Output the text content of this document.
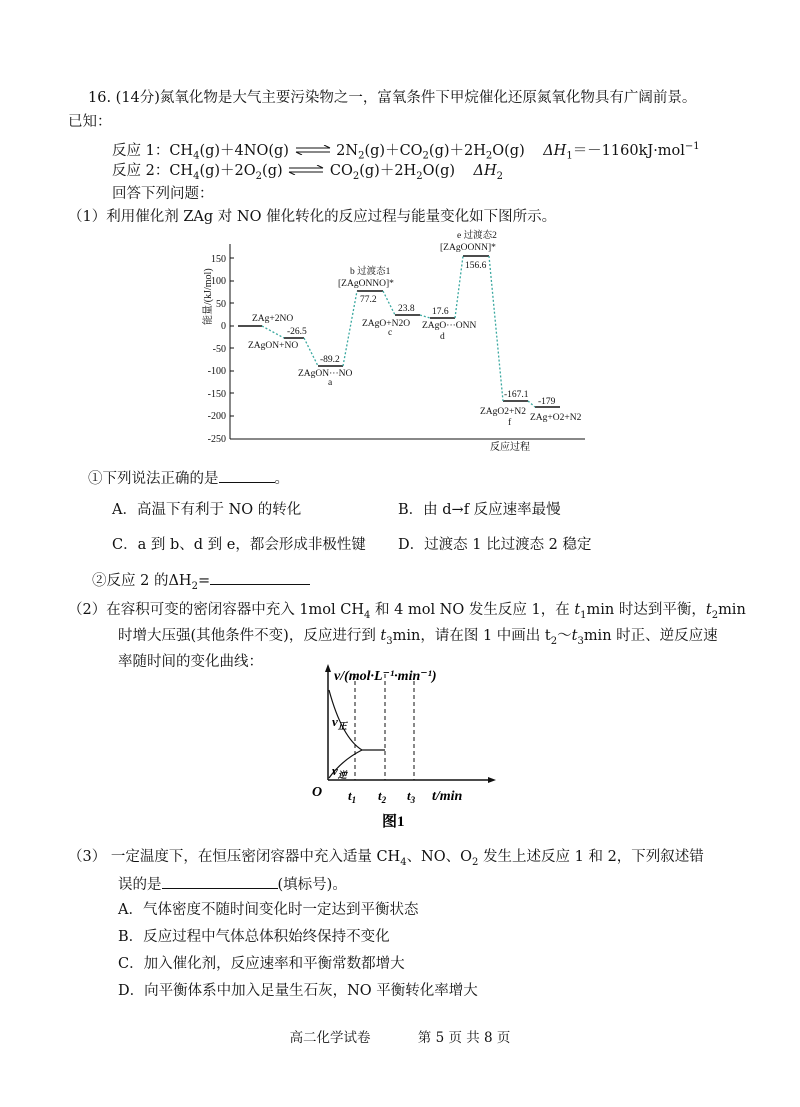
16. (14分)氮氧化物是大气主要污染物之一，富氧条件下甲烷催化还原氮氧化物具有广阔前景。
已知：
反应 1：$CH_4(g)+4NO(g)$ ⇌ $2N_2(g)+CO_2(g)+2H_2O(g)$ $\Delta H_1=-1160kJ\cdot mol^{-1}$
反应 2：$CH_4(g)+2O_2(g)$ ⇌ $CO_2(g)+2H_2O(g)$ $\Delta H_2$
回答下列问题：
（1）利用催化剂 ZAg 对 NO 催化转化的反应过程与能量变化如下图所示。
能量/(kJ/mol)
150
100
50
0
-50
-100
-150
-200
-250
反应过程
ZAg+2NO
-26.5
ZAgON+NO
-89.2
ZAgON···NO
a
b 过渡态1
[ZAgONNO]*
77.2
23.8
ZAgO+N2O
c
17.6
ZAgO···ONN
d
e 过渡态2
[ZAgOONN]*
156.6
-167.1
ZAgO2+N2
f
-179
ZAg+O2+N2
①下列说法正确的是	。
A．高温下有利于 NO 的转化	B．由 d→f 反应速率最慢
C．a 到 b、d 到 e，都会形成非极性键 D．过渡态 1 比过渡态 2 稳定
②反应 2 的$\Delta H_2=$
（2）在容积可变的密闭容器中充入 1mol $CH_4$ 和 4 mol NO 发生反应 1，在 $t_1\min$ 时达到平衡，$t_2\min$
时增大压强(其他条件不变)，反应进行到 $t_3\min$，请在图 1 中画出 $t_2\sim t_3\min$ 时正、逆反应速
率随时间的变化曲线：
v/(mol·L⁻¹·min⁻¹)
$v_正$
$v_逆$
O $t_1$ $t_2$ $t_3$ t/min
图1
（3） 一定温度下，在恒压密闭容器中充入适量 $CH_4$、NO、$O_2$ 发生上述反应 1 和 2，下列叙述错
误的是	(填标号)。
A．气体密度不随时间变化时一定达到平衡状态
B．反应过程中气体总体积始终保持不变化
C．加入催化剂，反应速率和平衡常数都增大
D．向平衡体系中加入足量生石灰，NO 平衡转化率增大
高二化学试卷	第 5 页 共 8 页
